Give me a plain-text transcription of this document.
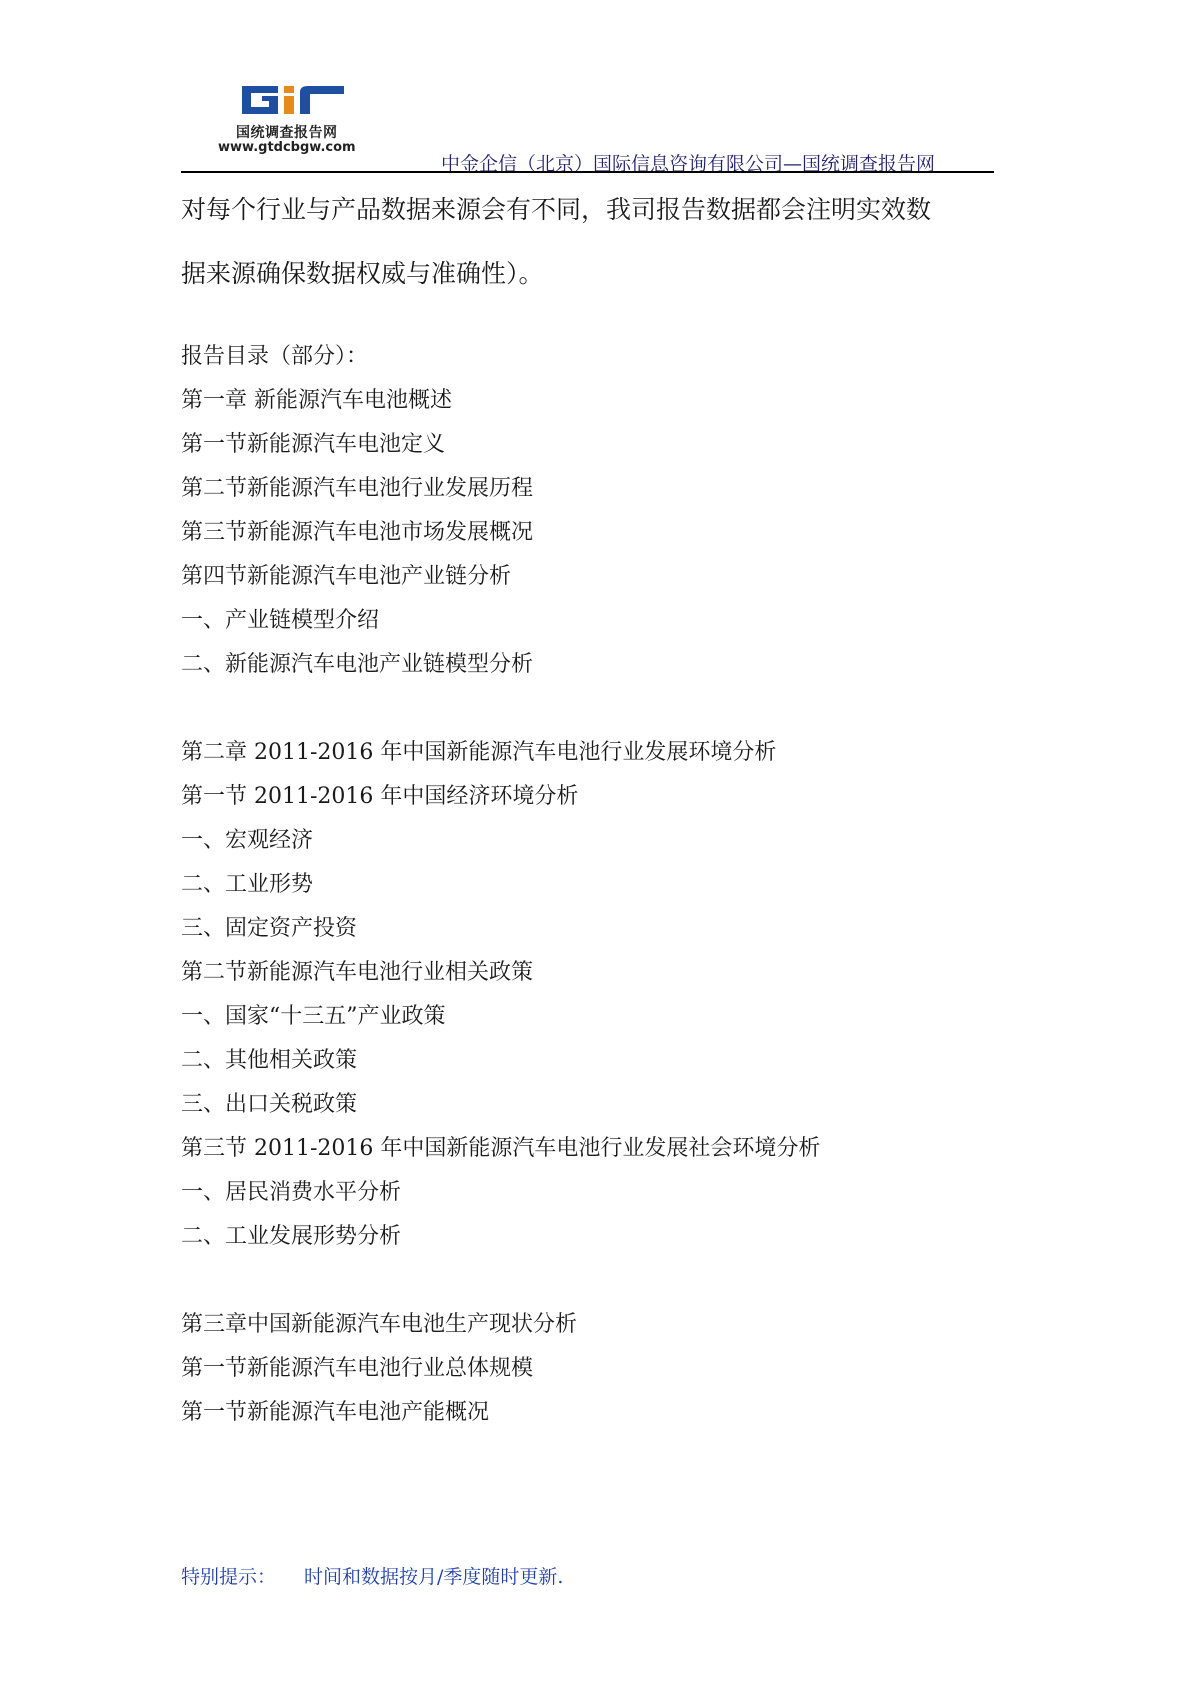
国统调查报告网
www.gtdcbgw.com
中金企信（北京）国际信息咨询有限公司—国统调查报告网

对每个行业与产品数据来源会有不同，我司报告数据都会注明实效数

据来源确保数据权威与准确性）。

报告目录（部分）：
第一章 新能源汽车电池概述
第一节新能源汽车电池定义
第二节新能源汽车电池行业发展历程
第三节新能源汽车电池市场发展概况
第四节新能源汽车电池产业链分析
一、产业链模型介绍
二、新能源汽车电池产业链模型分析
第二章 2011-2016 年中国新能源汽车电池行业发展环境分析
第一节 2011-2016 年中国经济环境分析
一、宏观经济
二、工业形势
三、固定资产投资
第二节新能源汽车电池行业相关政策
一、国家“十三五”产业政策
二、其他相关政策
三、出口关税政策
第三节 2011-2016 年中国新能源汽车电池行业发展社会环境分析
一、居民消费水平分析
二、工业发展形势分析
第三章中国新能源汽车电池生产现状分析
第一节新能源汽车电池行业总体规模
第一节新能源汽车电池产能概况
特别提示： 时间和数据按月/季度随时更新.
